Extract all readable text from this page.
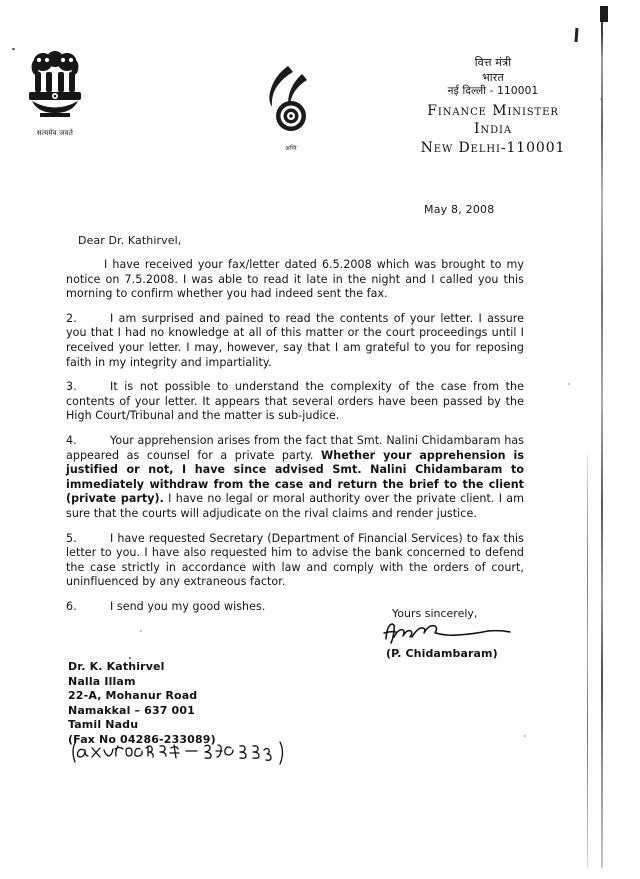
सत्यमेव जयते
अग्नि
वित्त मंत्री
भारत
नई दिल्ली - 110001
Finance Minister
India
New Delhi-110001
May 8, 2008
Dear Dr. Kathirvel,
I have received your fax/letter dated 6.5.2008 which was brought to my notice on 7.5.2008. I was able to read it late in the night and I called you this morning to confirm whether you had indeed sent the fax.
2.	I am surprised and pained to read the contents of your letter. I assure you that I had no knowledge at all of this matter or the court proceedings until I received your letter. I may, however, say that I am grateful to you for reposing faith in my integrity and impartiality.
3.	It is not possible to understand the complexity of the case from the contents of your letter. It appears that several orders have been passed by the High Court/Tribunal and the matter is sub-judice.
4.	Your apprehension arises from the fact that Smt. Nalini Chidambaram has appeared as counsel for a private party. Whether your apprehension is justified or not, I have since advised Smt. Nalini Chidambaram to immediately withdraw from the case and return the brief to the client (private party). I have no legal or moral authority over the private client. I am sure that the courts will adjudicate on the rival claims and render justice.
5.	I have requested Secretary (Department of Financial Services) to fax this letter to you. I have also requested him to advise the bank concerned to defend the case strictly in accordance with law and comply with the orders of court, uninfluenced by any extraneous factor.
6.	I send you my good wishes.
Yours sincerely,
(P. Chidambaram)
Dr. K. Kathirvel
Nalla Illam
22-A, Mohanur Road
Namakkal – 637 001
Tamil Nadu
(Fax No 04286-233089)
